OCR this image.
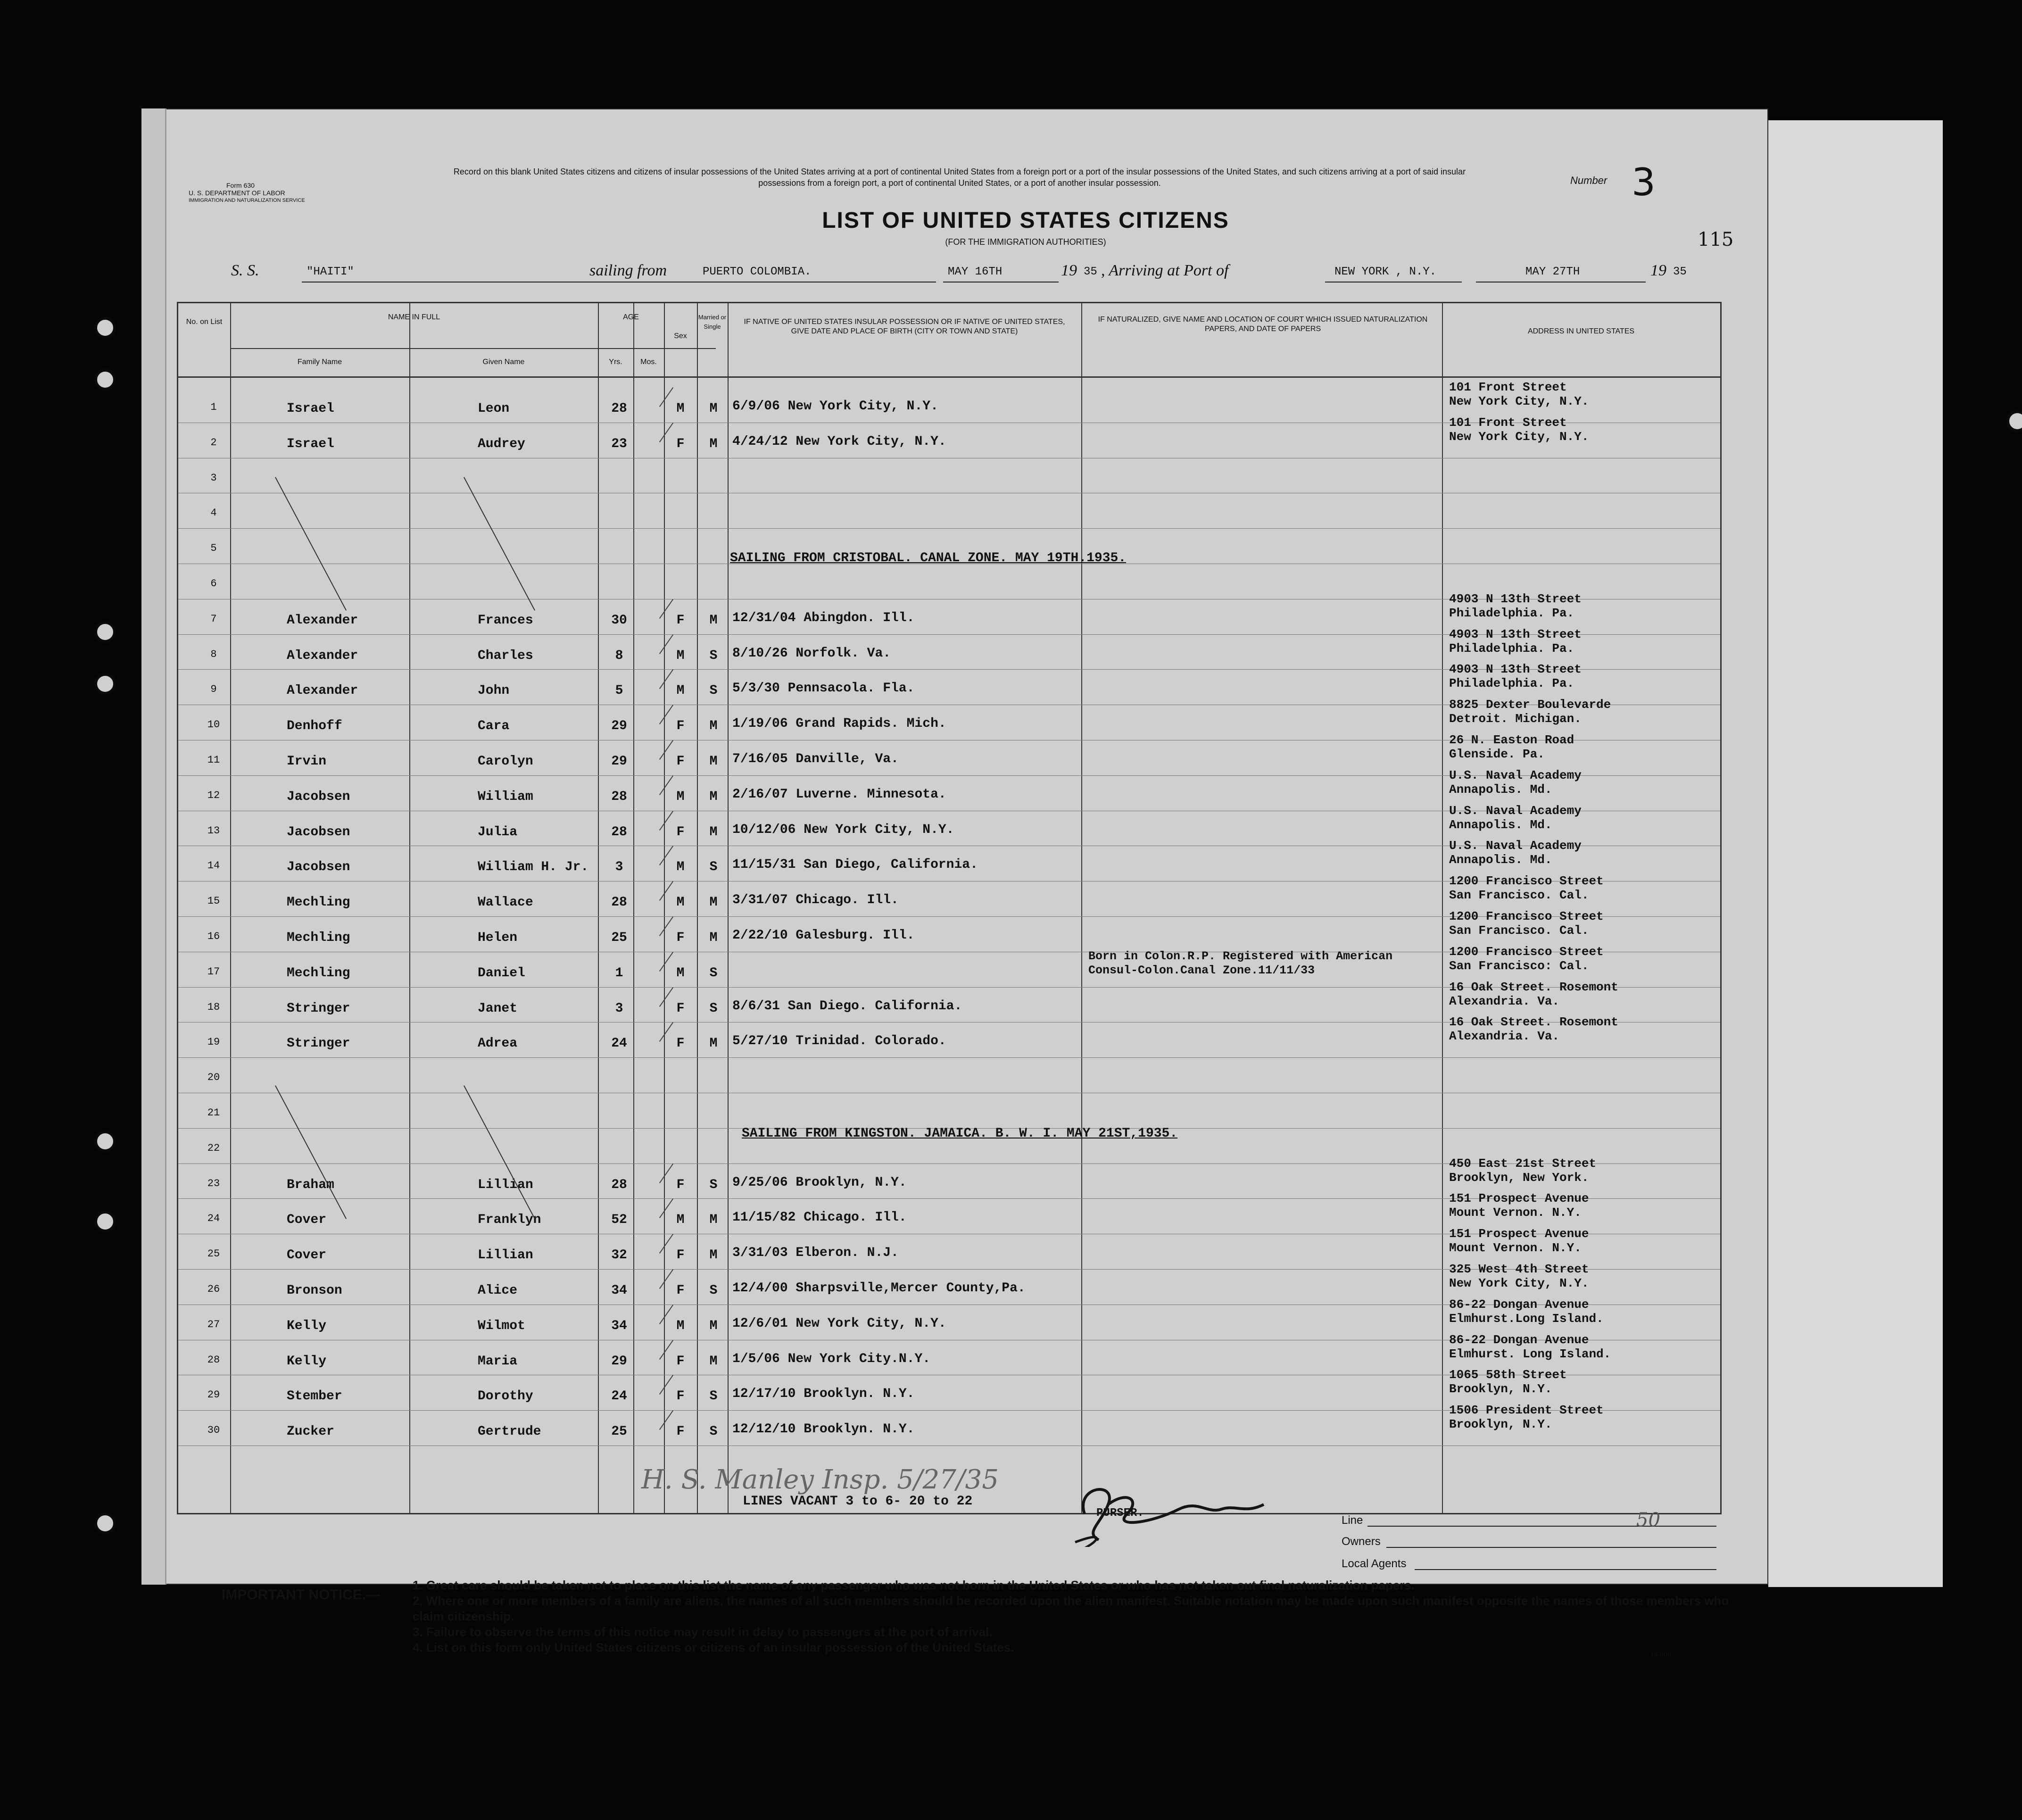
Form 630
U. S. DEPARTMENT OF LABOR
IMMIGRATION AND NATURALIZATION SERVICE
Record on this blank United States citizens and citizens of insular possessions of the United States arriving at a port of continental United States from a foreign port or a port of the insular possessions of the United States, and such citizens arriving at a port of said insular possessions from a foreign port, a port of continental United States, or a port of another insular possession.	Number 3
LIST OF UNITED STATES CITIZENS
(FOR THE IMMIGRATION AUTHORITIES)	115
S. S.	"HAITI"	sailing from	PUERTO COLOMBIA.	MAY 16TH	19 35 , Arriving at Port of	NEW YORK , N.Y.	MAY 27TH	19 35
No. on List
NAME IN FULL
Family Name	Given Name
AGE
Yrs.	Mos.
Sex
Married or Single
IF NATIVE OF UNITED STATES INSULAR POSSESSION OR IF NATIVE OF UNITED STATES, GIVE DATE AND PLACE OF BIRTH (CITY OR TOWN AND STATE)
IF NATURALIZED, GIVE NAME AND LOCATION OF COURT WHICH ISSUED NATURALIZATION PAPERS, AND DATE OF PAPERS	ADDRESS IN UNITED STATES
1	Israel	Leon	28	M	M	6/9/06 New York City, N.Y.
101 Front Street
New York City, N.Y.
2	Israel	Audrey	23	F	M	4/24/12 New York City, N.Y.
101 Front Street
New York City, N.Y.
3
4
5
6
7	Alexander	Frances	30	F	M	12/31/04 Abingdon. Ill.
4903 N 13th Street
Philadelphia. Pa.
8	Alexander	Charles	8	M	S	8/10/26 Norfolk. Va.
4903 N 13th Street
Philadelphia. Pa.
9	Alexander	John	5	M	S	5/3/30 Pennsacola. Fla.
4903 N 13th Street
Philadelphia. Pa.
10	Denhoff	Cara	29	F	M	1/19/06 Grand Rapids. Mich.
8825 Dexter Boulevarde
Detroit. Michigan.
11	Irvin	Carolyn	29	F	M	7/16/05 Danville, Va.
26 N. Easton Road
Glenside. Pa.
12	Jacobsen	William	28	M	M	2/16/07 Luverne. Minnesota.
U.S. Naval Academy
Annapolis. Md.
13	Jacobsen	Julia	28	F	M	10/12/06 New York City, N.Y.
U.S. Naval Academy
Annapolis. Md.
14	Jacobsen	William H. Jr.	3	M	S	11/15/31 San Diego, California.
U.S. Naval Academy
Annapolis. Md.
15	Mechling	Wallace	28	M	M	3/31/07 Chicago. Ill.
1200 Francisco Street
San Francisco. Cal.
16	Mechling	Helen	25	F	M	2/22/10 Galesburg. Ill.
1200 Francisco Street
San Francisco. Cal.
17	Mechling	Daniel	1	M	S
Born in Colon.R.P. Registered with American Consul-Colon.Canal Zone.11/11/33
1200 Francisco Street
San Francisco: Cal.
18	Stringer	Janet	3	F	S	8/6/31 San Diego. California.
16 Oak Street. Rosemont
Alexandria. Va.
19	Stringer	Adrea	24	F	M	5/27/10 Trinidad. Colorado.
16 Oak Street. Rosemont
Alexandria. Va.
20
21
22
23	Braham	Lillian	28	F	S	9/25/06 Brooklyn, N.Y.
450 East 21st Street
Brooklyn, New York.
24	Cover	Franklyn	52	M	M	11/15/82 Chicago. Ill.
151 Prospect Avenue
Mount Vernon. N.Y.
25	Cover	Lillian	32	F	M	3/31/03 Elberon. N.J.
151 Prospect Avenue
Mount Vernon. N.Y.
26	Bronson	Alice	34	F	S	12/4/00 Sharpsville,Mercer County,Pa.
325 West 4th Street
New York City, N.Y.
27	Kelly	Wilmot	34	M	M	12/6/01 New York City, N.Y.
86-22 Dongan Avenue
Elmhurst.Long Island.
28	Kelly	Maria	29	F	M	1/5/06 New York City.N.Y.
86-22 Dongan Avenue
Elmhurst. Long Island.
29	Stember	Dorothy	24	F	S	12/17/10 Brooklyn. N.Y.
1065 58th Street
Brooklyn, N.Y.
30	Zucker	Gertrude	25	F	S	12/12/10 Brooklyn. N.Y.
1506 President Street
Brooklyn, N.Y.
SAILING FROM CRISTOBAL. CANAL ZONE. MAY 19TH.1935.
SAILING FROM KINGSTON. JAMAICA. B. W. I. MAY 21ST,1935.
H. S. Manley Insp. 5/27/35
LINES VACANT 3 to 6- 20 to 22
PURSER.
Line	50
Owners
Local Agents
IMPORTANT NOTICE.—
1. Great care should be taken not to place on this list the name of any passenger who was not born in the United States or who has not taken out final naturalization papers.
2. Where one or more members of a family are aliens, the names of all such members should be recorded upon the alien manifest. Suitable notation may be made upon such manifest opposite the names of those members who claim citizenship.
3. Failure to observe the terms of this notice may result in delay to passengers at the port of arrival.
4. List on this form only United States citizens or citizens of an insular possession of the United States.	14-608
